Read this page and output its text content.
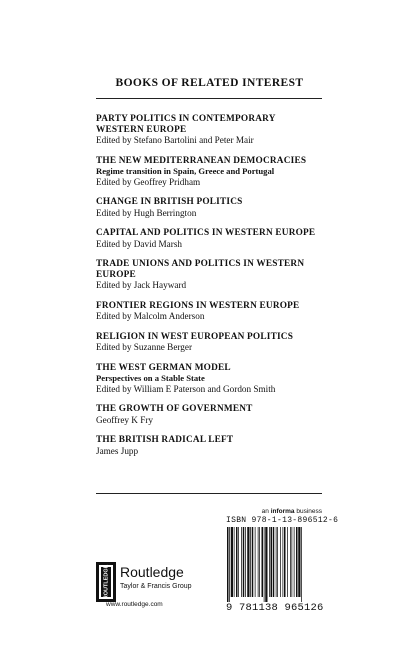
BOOKS OF RELATED INTEREST
PARTY POLITICS IN CONTEMPORARY
WESTERN EUROPE
Edited by Stefano Bartolini and Peter Mair
THE NEW MEDITERRANEAN DEMOCRACIES
Regime transition in Spain, Greece and Portugal
Edited by Geoffrey Pridham
CHANGE IN BRITISH POLITICS
Edited by Hugh Berrington
CAPITAL AND POLITICS IN WESTERN EUROPE
Edited by David Marsh
TRADE UNIONS AND POLITICS IN WESTERN
EUROPE
Edited by Jack Hayward
FRONTIER REGIONS IN WESTERN EUROPE
Edited by Malcolm Anderson
RELIGION IN WEST EUROPEAN POLITICS
Edited by Suzanne Berger
THE WEST GERMAN MODEL
Perspectives on a Stable State
Edited by William E Paterson and Gordon Smith
THE GROWTH OF GOVERNMENT
Geoffrey K Fry
THE BRITISH RADICAL LEFT
James Jupp
an informa business
ISBN 978-1-13-896512-6
9 781138 965126
ROUTLEDGE Routledge
Taylor & Francis Group
www.routledge.com
